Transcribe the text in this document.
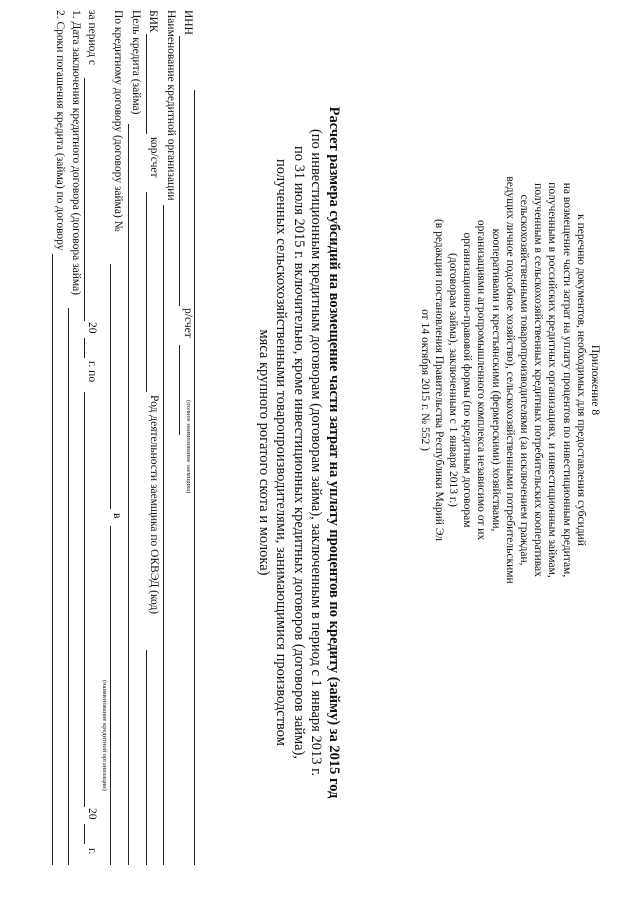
Приложение 8
к перечню документов, необходимых для предоставления субсидий
на возмещение части затрат на уплату процентов по инвестиционным кредитам,
полученным в российских кредитных организациях, и инвестиционным займам,
полученным в сельскохозяйственных кредитных потребительских кооперативах
сельскохозяйственными товаропроизводителями (за исключением граждан,
ведущих личное подсобное хозяйство), сельскохозяйственными потребительскими
кооперативами и крестьянскими (фермерскими) хозяйствами,
организациями агропромышленного комплекса независимо от их
организационно-правовой формы (по кредитным договорам
(договорам займа), заключенным с 1 января 2013 г.)
(в редакции постановления Правительства Республики Марий Эл
от 14 октября 2015 г. № 552 )
Расчет размера субсидий на возмещение части затрат на уплату процентов по кредиту (займу) за 2015 год
(по инвестиционным кредитным договорам (договорам займа), заключенным в период с 1 января 2013 г.
по 31 июля 2015 г. включительно, кроме инвестиционных кредитных договоров (договоров займа),
полученных сельскохозяйственными товаропроизводителями, занимающимися производством
мяса крупного рогатого скота и молока)
(полное наименование заемщика)
ИНН
р/счет
Наименование кредитной организации
БИК
кор/счет
Род деятельности заемщика по ОКВЭД (код)
Цель кредита (займа)
По кредитному договору (договору займа) №
в
(наименование кредитной организации)
за период с
20
г. по
20
г.
1. Дата заключения кредитного договора (договора займа)
2. Сроки погашения кредита (займа) по договору
